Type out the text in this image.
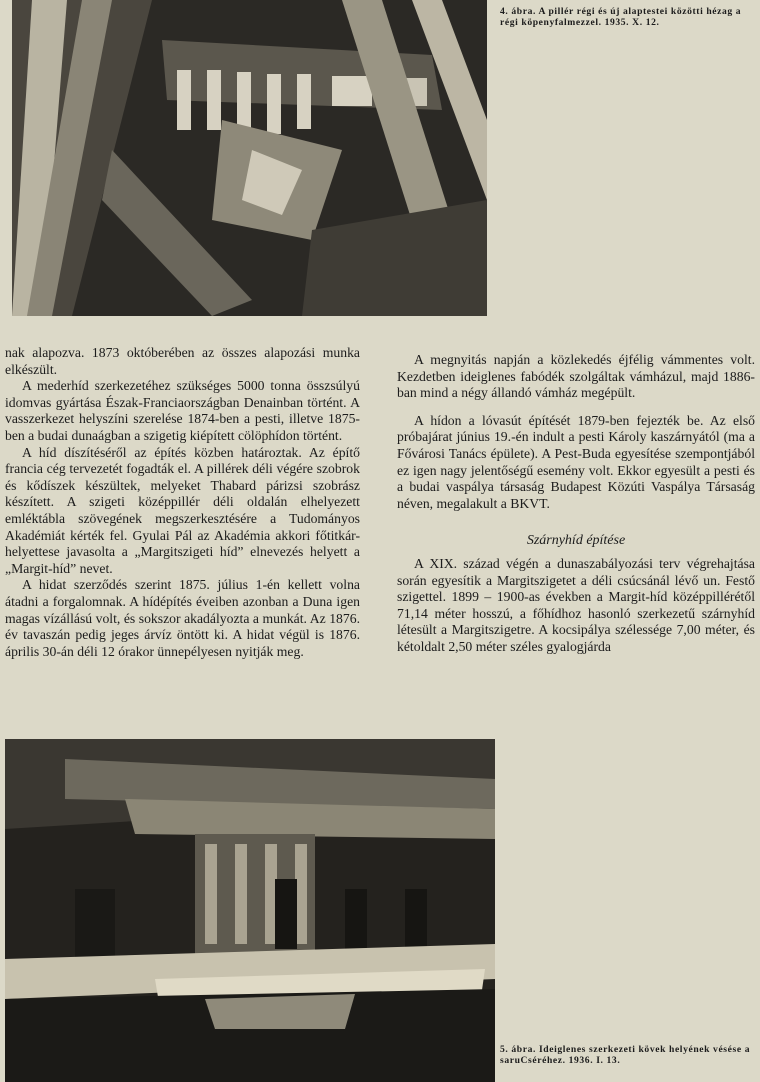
4. ábra. A pillér régi és új alaptestei közötti hézag a régi köpenyfalmezzel. 1935. X. 12.

nak alapozva. 1873 októberében az összes alapozási munka elkészült.

A mederhíd szerkezetéhez szükséges 5000 tonna összsúlyú idomvas gyártása Észak-Franciaországban Denainban történt. A vasszerkezet helyszíni szerelése 1874-ben a pesti, illetve 1875-ben a budai dunaágban a szigetig kiépített cölöphídon történt.

A híd díszítéséről az építés közben határoztak. Az építő francia cég tervezetét fogadták el. A pillérek déli végére szobrok és kődíszek készültek, melyeket Thabard párizsi szobrász készített. A szigeti középpillér déli oldalán elhelyezett emléktábla szövegének megszerkesztésére a Tudományos Akadémiát kérték fel. Gyulai Pál az Akadémia akkori főtitkár-helyettese javasolta a „Margitszigeti híd” elnevezés helyett a „Margit-híd” nevet.

A hidat szerződés szerint 1875. július 1-én kellett volna átadni a forgalomnak. A hídépítés éveiben azonban a Duna igen magas vízállású volt, és sokszor akadályozta a munkát. Az 1876. év tavaszán pedig jeges árvíz öntött ki. A hidat végül is 1876. április 30-án déli 12 órakor ünnepélyesen nyitják meg.

A megnyitás napján a közlekedés éjfélig vámmentes volt. Kezdetben ideiglenes fabódék szolgáltak vámházul, majd 1886-ban mind a négy állandó vámház megépült.

A hídon a lóvasút építését 1879-ben fejezték be. Az első próbajárat június 19.-én indult a pesti Károly kaszárnyától (ma a Fővárosi Tanács épülete). A Pest-Buda egyesítése szempontjából ez igen nagy jelentőségű esemény volt. Ekkor egyesült a pesti és a budai vaspálya társaság Budapest Közúti Vaspálya Társaság néven, megalakult a BKVT.

Szárnyhíd építése

A XIX. század végén a dunaszabályozási terv végrehajtása során egyesítik a Margitszigetet a déli csúcsánál lévő un. Festő szigettel. 1899 – 1900-as években a Margit-híd középpillérétől 71,14 méter hosszú, a főhídhoz hasonló szerkezetű szárnyhíd létesült a Margitszigetre. A kocsipálya szélessége 7,00 méter, és kétoldalt 2,50 méter széles gyalogjárda

5. ábra. Ideiglenes szerkezeti kövek helyének vésése a saruCséréhez. 1936. I. 13.
